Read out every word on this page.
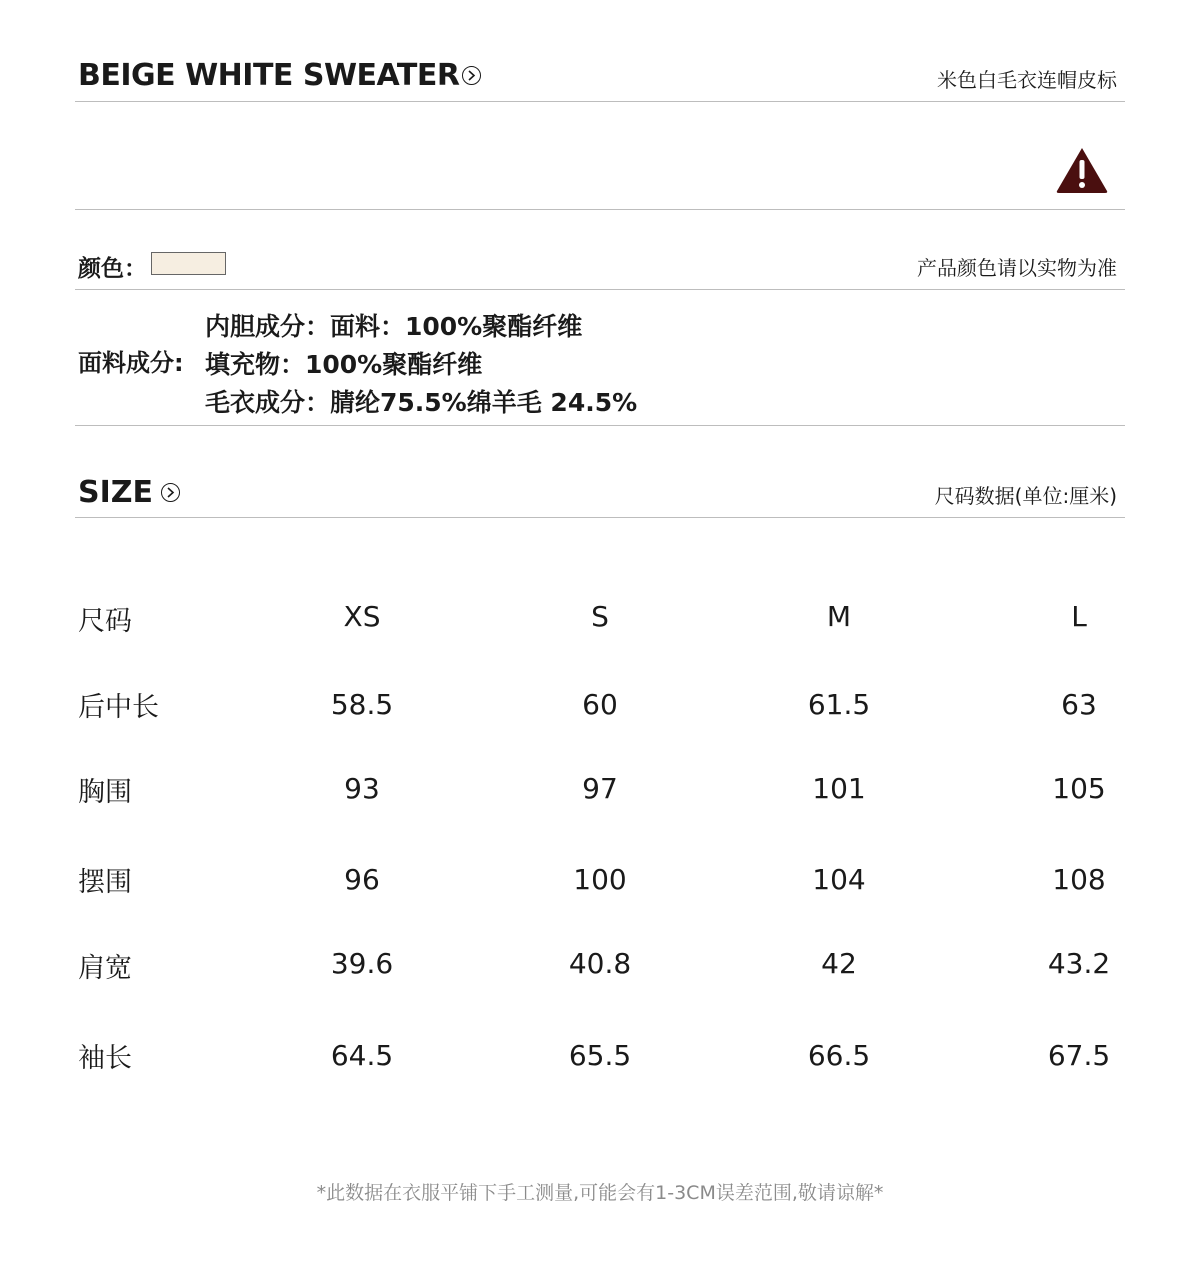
BEIGE WHITE SWEATER	米色白毛衣连帽皮标
颜色：	产品颜色请以实物为准
面料成分:
内胆成分：面料：100%聚酯纤维
填充物：100%聚酯纤维
毛衣成分：腈纶75.5%绵羊毛 24.5%
SIZE	尺码数据(单位:厘米)
尺码	XS	S	M	L
后中长	58.5	60	61.5	63
胸围	93	97	101	105
摆围	96	100	104	108
肩宽	39.6	40.8	42	43.2
袖长	64.5	65.5	66.5	67.5
*此数据在衣服平铺下手工测量,可能会有1-3CM误差范围,敬请谅解*
